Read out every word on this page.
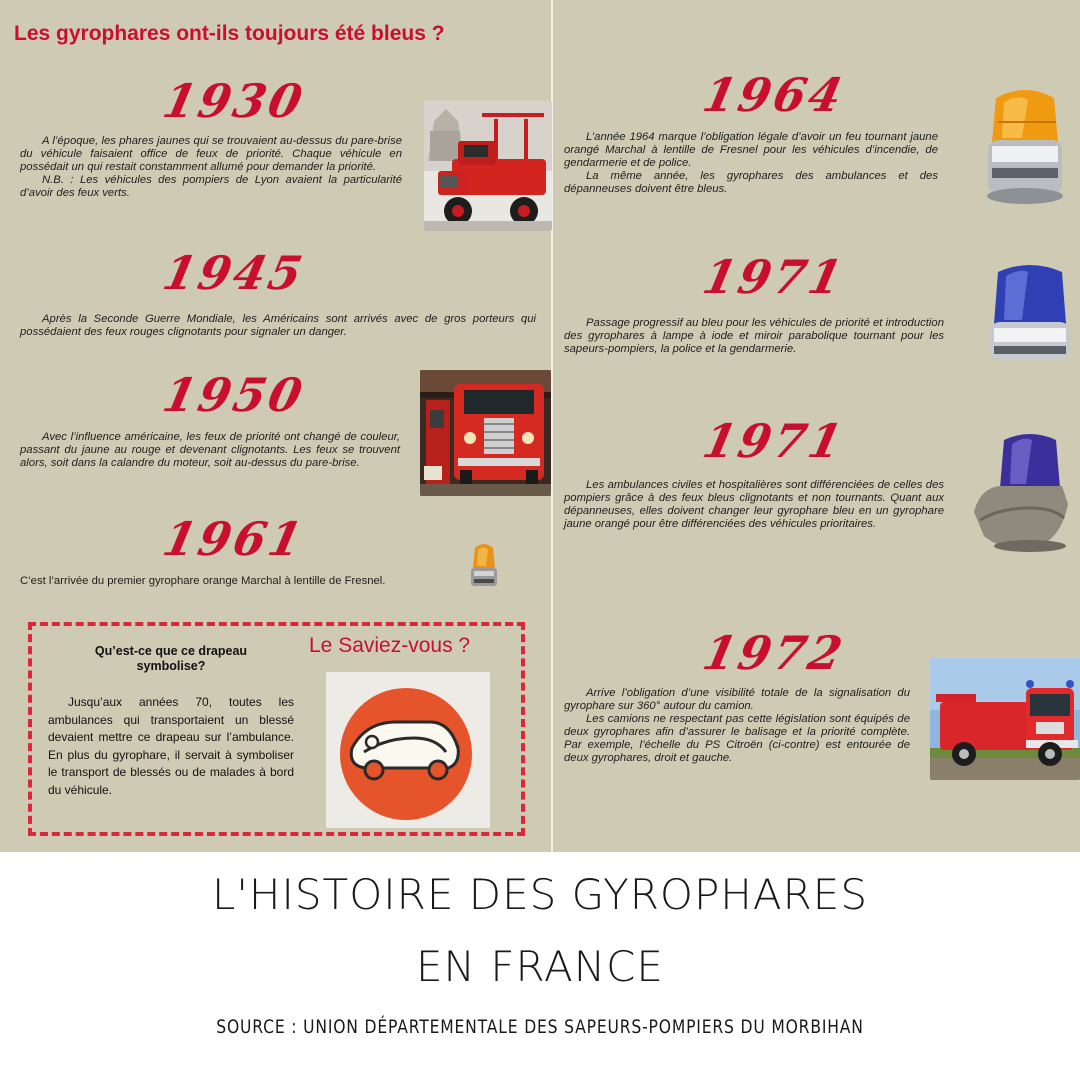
Les gyrophares ont-ils toujours été bleus ?
1930

A l’époque, les phares jaunes qui se trouvaient au-dessus du pare-brise du véhicule faisaient office de feux de priorité. Chaque véhicule en possédait un qui restait constamment allumé pour demander la priorité.

N.B. : Les véhicules des pompiers de Lyon avaient la particularité d’avoir des feux verts.

1945

Après la Seconde Guerre Mondiale, les Américains sont arrivés avec de gros porteurs qui possédaient des feux rouges clignotants pour signaler un danger.

1950

Avec l’influence américaine, les feux de priorité ont changé de couleur, passant du jaune au rouge et devenant clignotants. Les feux se trouvent alors, soit dans la calandre du moteur, soit au-dessus du pare-brise.

1961

C’est l’arrivée du premier gyrophare orange Marchal à lentille de Fresnel.

Qu’est-ce que ce drapeau symbolise?
Le Saviez-vous ?

Jusqu’aux années 70, toutes les ambulances qui transportaient un blessé devaient mettre ce drapeau sur l’ambulance. En plus du gyrophare, il servait à symboliser le transport de blessés ou de malades à bord du véhicule.

1964

L’année 1964 marque l’obligation légale d’avoir un feu tournant jaune orangé Marchal à lentille de Fresnel pour les véhicules d’incendie, de gendarmerie et de police.

La même année, les gyrophares des ambulances et des dépanneuses doivent être bleus.

1971

Passage progressif au bleu pour les véhicules de priorité et introduction des gyrophares à lampe à iode et miroir parabolique tournant pour les sapeurs-pompiers, la police et la gendarmerie.

1971

Les ambulances civiles et hospitalières sont différenciées de celles des pompiers grâce à des feux bleus clignotants et non tournants. Quant aux dépanneuses, elles doivent changer leur gyrophare bleu en un gyrophare jaune orangé pour être différenciées des véhicules prioritaires.

1972

Arrive l’obligation d’une visibilité totale de la signalisation du gyrophare sur 360° autour du camion.

Les camions ne respectant pas cette législation sont équipés de deux gyrophares afin d’assurer le balisage et la priorité complète. Par exemple, l’échelle du PS Citroën (ci-contre) est entourée de deux gyrophares, droit et gauche.

L'HISTOIRE DES GYROPHARES
EN FRANCE
SOURCE : UNION DÉPARTEMENTALE DES SAPEURS-POMPIERS DU MORBIHAN
